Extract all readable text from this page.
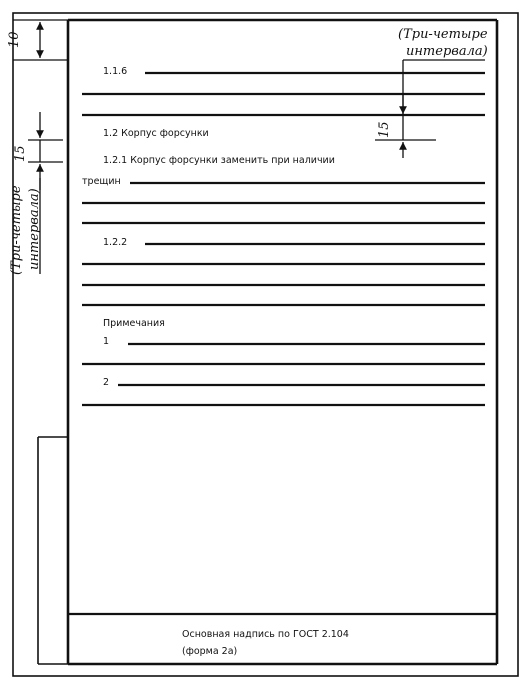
10
15
15
(Три-четыре
интервала)
(Три-четыре интервала)
1.1.6
1.2 Корпус форсунки
1.2.1 Корпус форсунки заменить при наличии
трещин
1.2.2
Примечания
1
2
Основная надпись по ГОСТ 2.104
(форма 2а)
